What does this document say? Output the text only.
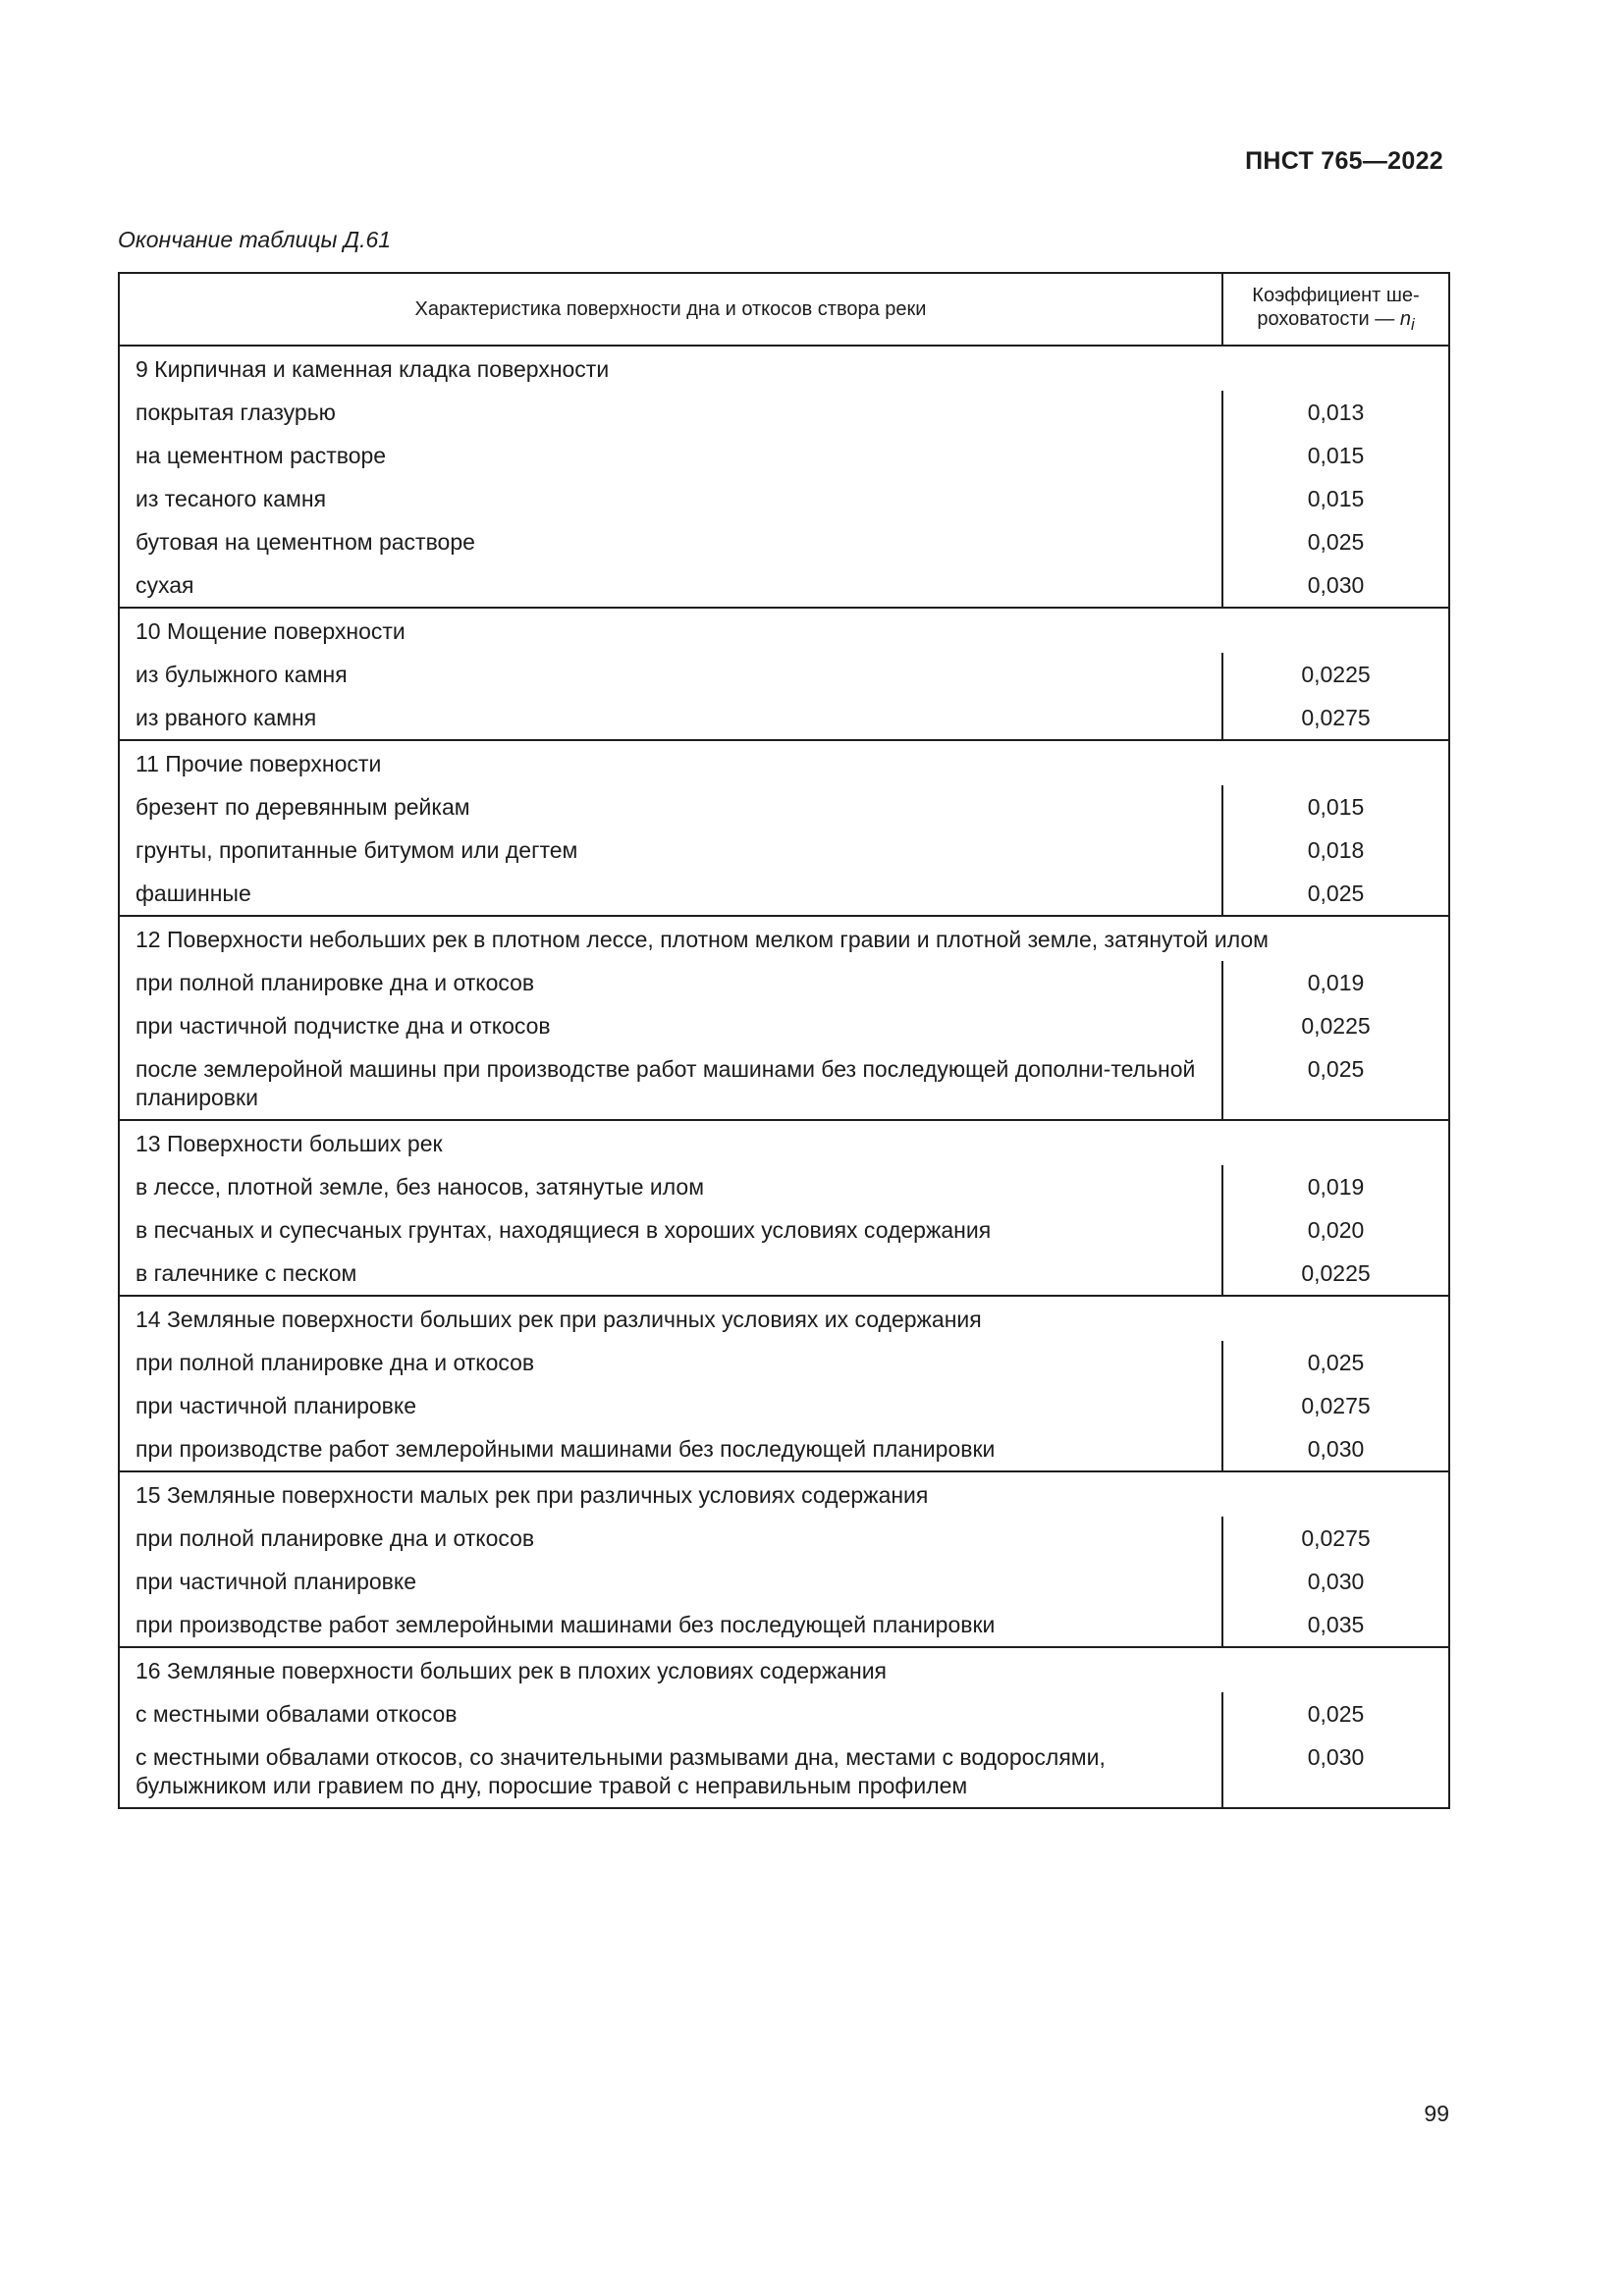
ПНСТ 765—2022
Окончание таблицы Д.61
Характеристика поверхности дна и откосов створа реки	Коэффициент ше-
роховатости — $n_i$
9 Кирпичная и каменная кладка поверхности	
покрытая глазурью	0,013
на цементном растворе	0,015
из тесаного камня	0,015
бутовая на цементном растворе	0,025
сухая	0,030
10 Мощение поверхности	
из булыжного камня	0,0225
из рваного камня	0,0275
11 Прочие поверхности	
брезент по деревянным рейкам	0,015
грунты, пропитанные битумом или дегтем	0,018
фашинные	0,025
12 Поверхности небольших рек в плотном лессе, плотном мелком гравии и плотной земле, затянутой илом	
при полной планировке дна и откосов	0,019
при частичной подчистке дна и откосов	0,0225
после землеройной машины при производстве работ машинами без последующей дополни-тельной планировки	0,025
13 Поверхности больших рек	
в лессе, плотной земле, без наносов, затянутые илом	0,019
в песчаных и супесчаных грунтах, находящиеся в хороших условиях содержания	0,020
в галечнике с песком	0,0225
14 Земляные поверхности больших рек при различных условиях их содержания	
при полной планировке дна и откосов	0,025
при частичной планировке	0,0275
при производстве работ землеройными машинами без последующей планировки	0,030
15 Земляные поверхности малых рек при различных условиях содержания	
при полной планировке дна и откосов	0,0275
при частичной планировке	0,030
при производстве работ землеройными машинами без последующей планировки	0,035
16 Земляные поверхности больших рек в плохих условиях содержания	
с местными обвалами откосов	0,025
с местными обвалами откосов, со значительными размывами дна, местами с водорослями, булыжником или гравием по дну, поросшие травой с неправильным профилем	0,030
99
